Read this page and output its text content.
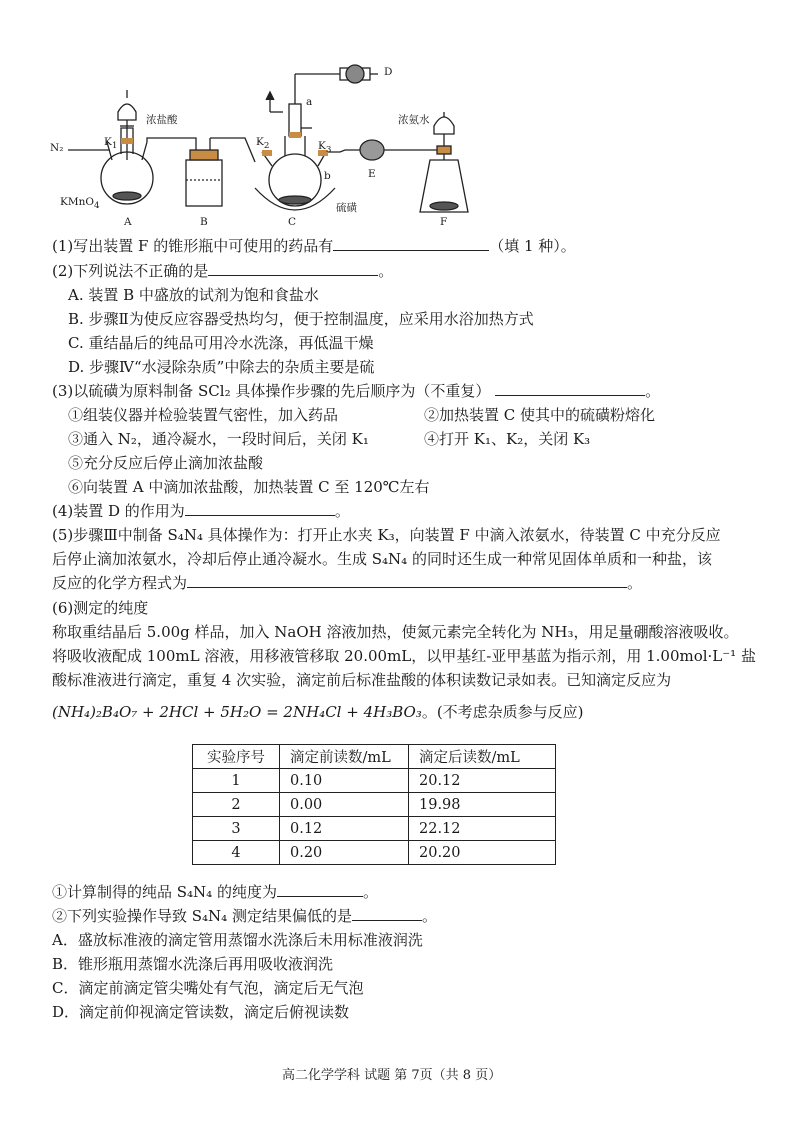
N₂	$K_1$
浓盐酸
KMnO$_4$
A	B	C
D
E
F
$K_2$	$K_3$
硫磺
浓氨水
a
b
(1)写出装置 F 的锥形瓶中可使用的药品有	（填 1 种）。
(2)下列说法不正确的是	。
A. 装置 B 中盛放的试剂为饱和食盐水
B. 步骤Ⅱ为使反应容器受热均匀，便于控制温度，应采用水浴加热方式
C. 重结晶后的纯品可用冷水洗涤，再低温干燥
D. 步骤Ⅳ“水浸除杂质”中除去的杂质主要是硫
(3)以硫磺为原料制备 SCl₂ 具体操作步骤的先后顺序为（不重复）	。
①组装仪器并检验装置气密性，加入药品	②加热装置 C 使其中的硫磺粉熔化
③通入 N₂，通冷凝水，一段时间后，关闭 K₁	④打开 K₁、K₂，关闭 K₃
⑤充分反应后停止滴加浓盐酸
⑥向装置 A 中滴加浓盐酸，加热装置 C 至 120℃左右
(4)装置 D 的作用为	。
(5)步骤Ⅲ中制备 S₄N₄ 具体操作为：打开止水夹 K₃，向装置 F 中滴入浓氨水，待装置 C 中充分反应
后停止滴加浓氨水，冷却后停止通冷凝水。生成 S₄N₄ 的同时还生成一种常见固体单质和一种盐，该
反应的化学方程式为	。
(6)测定的纯度
称取重结晶后 5.00g 样品，加入 NaOH 溶液加热，使氮元素完全转化为 NH₃，用足量硼酸溶液吸收。
将吸收液配成 100mL 溶液，用移液管移取 20.00mL，以甲基红-亚甲基蓝为指示剂，用 1.00mol·L⁻¹ 盐
酸标准液进行滴定，重复 4 次实验，滴定前后标准盐酸的体积读数记录如表。已知滴定反应为
(NH₄)₂B₄O₇ + 2HCl + 5H₂O = 2NH₄Cl + 4H₃BO₃。(不考虑杂质参与反应)
实验序号	滴定前读数/mL	滴定后读数/mL
1	0.10	20.12
2	0.00	19.98
3	0.12	22.12
4	0.20	20.20
①计算制得的纯品 S₄N₄ 的纯度为	。
②下列实验操作导致 S₄N₄ 测定结果偏低的是	。
A．盛放标准液的滴定管用蒸馏水洗涤后未用标准液润洗
B．锥形瓶用蒸馏水洗涤后再用吸收液润洗
C．滴定前滴定管尖嘴处有气泡，滴定后无气泡
D．滴定前仰视滴定管读数，滴定后俯视读数
高二化学学科 试题 第 7页（共 8 页）
